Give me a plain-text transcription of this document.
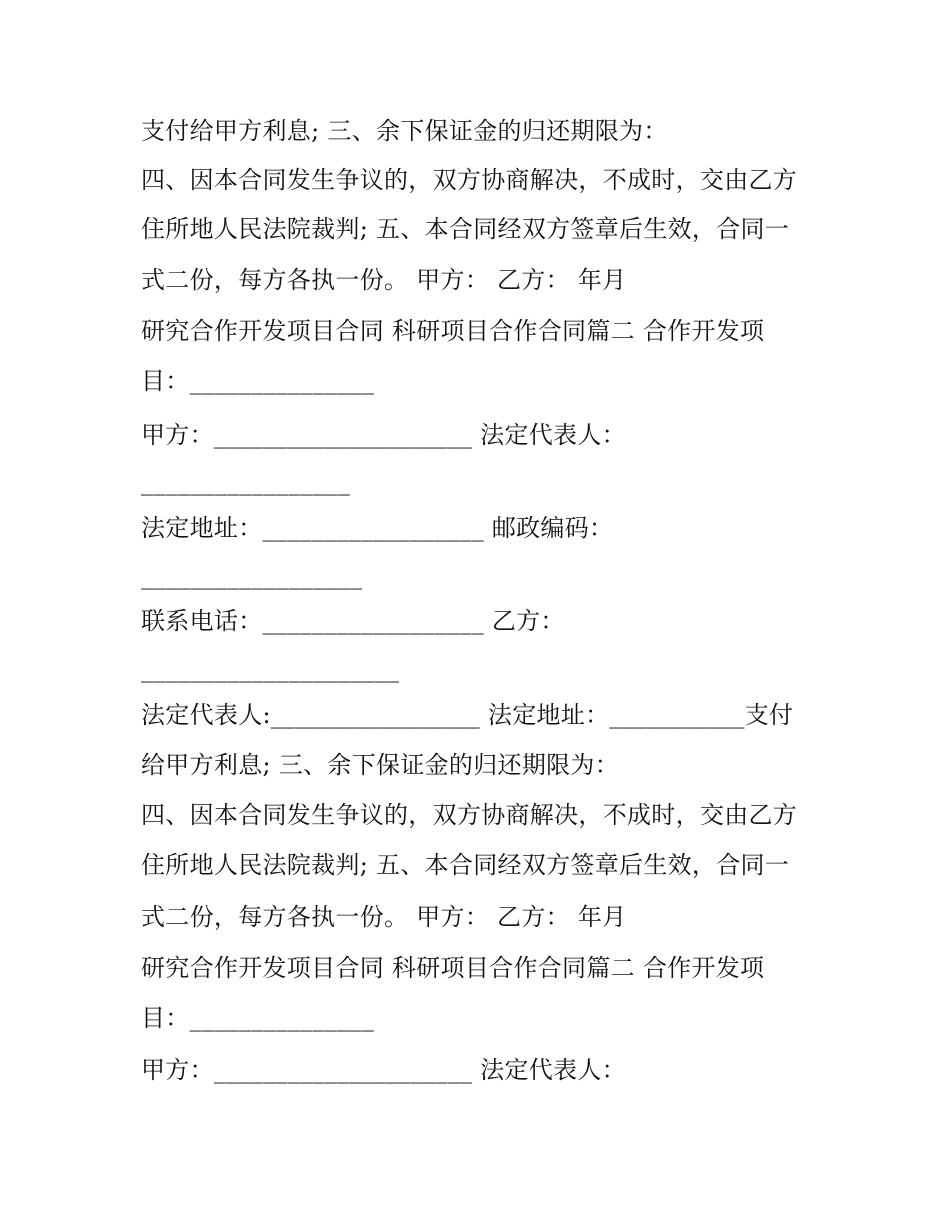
支付给甲方利息; 三、余下保证金的归还期限为：
四、因本合同发生争议的，双方协商解决，不成时，交由乙方
住所地人民法院裁判; 五、本合同经双方签章后生效，合同一
式二份，每方各执一份。 甲方： 乙方： 年月
研究合作开发项目合同 科研项目合作合同篇二 合作开发项
目：_______________
甲方：_____________________ 法定代表人：
_________________
法定地址：__________________ 邮政编码：
__________________
联系电话：__________________ 乙方：
_____________________
法定代表人:_________________ 法定地址：___________支付
给甲方利息; 三、余下保证金的归还期限为：
四、因本合同发生争议的，双方协商解决，不成时，交由乙方
住所地人民法院裁判; 五、本合同经双方签章后生效，合同一
式二份，每方各执一份。 甲方： 乙方： 年月
研究合作开发项目合同 科研项目合作合同篇二 合作开发项
目：_______________
甲方：_____________________ 法定代表人：
